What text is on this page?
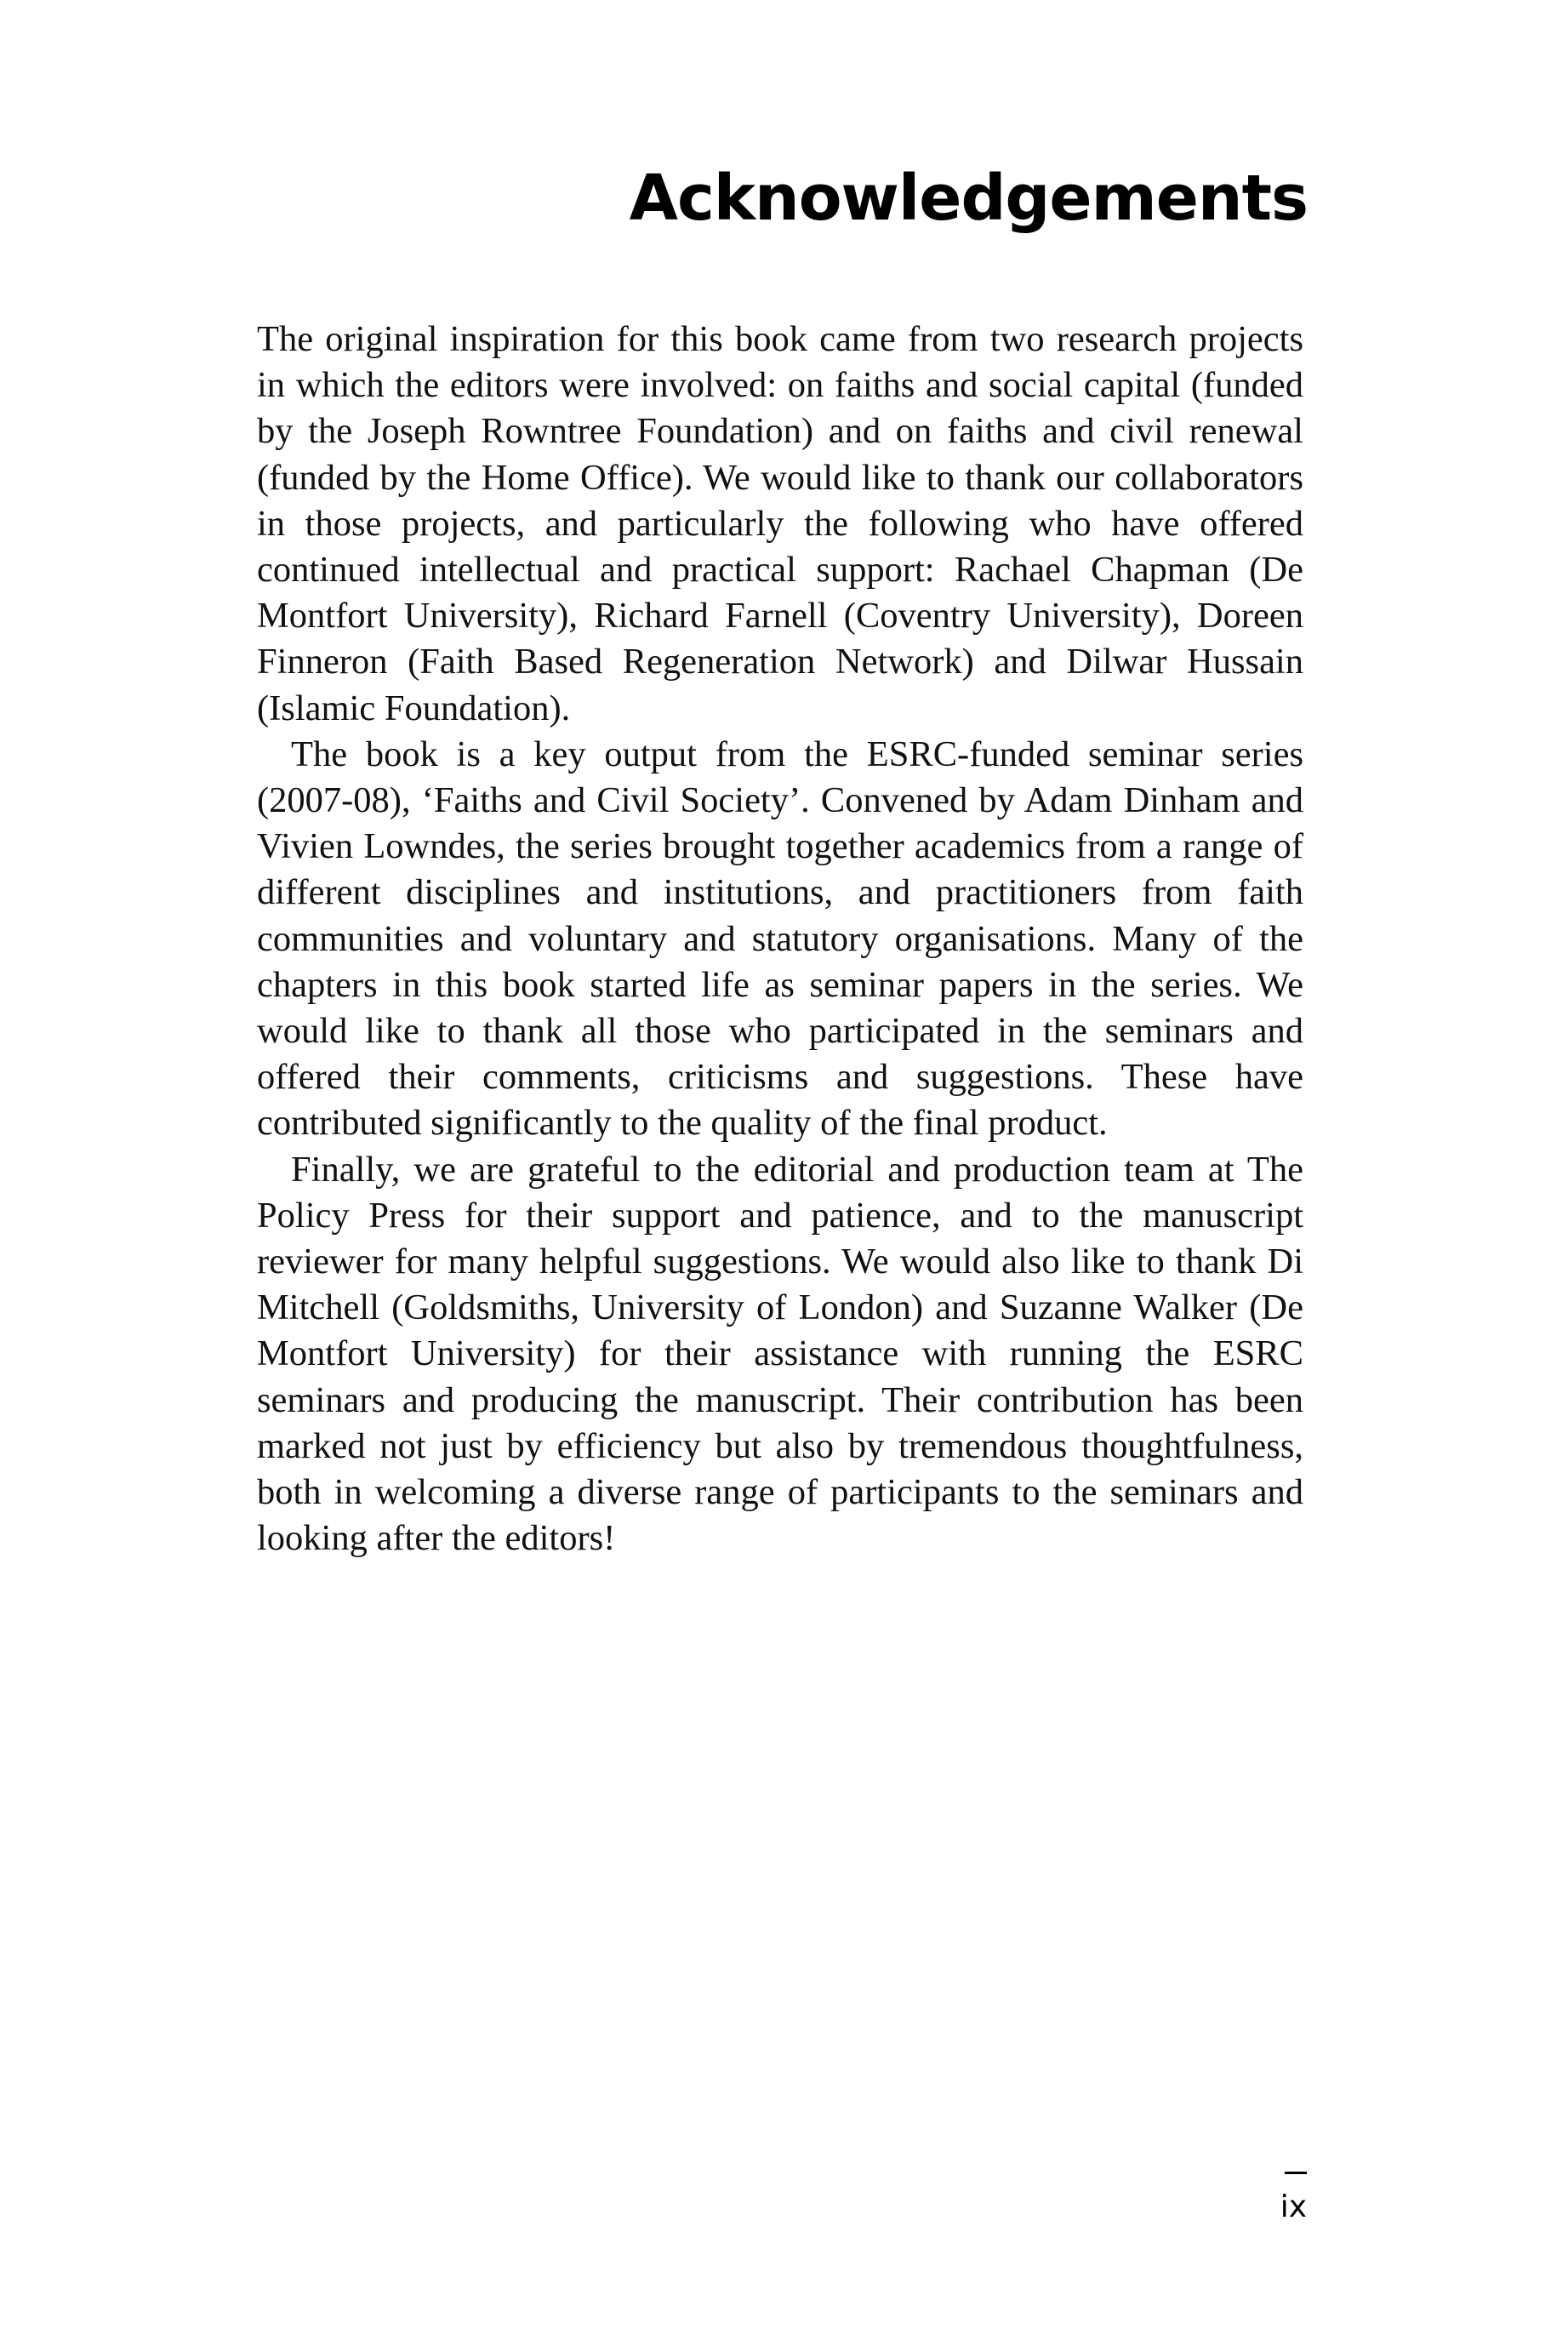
Acknowledgements

The original inspiration for this book came from two research projects in which the editors were involved: on faiths and social capital (funded by the Joseph Rowntree Foundation) and on faiths and civil renewal (funded by the Home Office). We would like to thank our collaborators in those projects, and particularly the following who have offered continued intellectual and practical support: Rachael Chapman (De Montfort University), Richard Farnell (Coventry University), Doreen Finneron (Faith Based Regeneration Network) and Dilwar Hussain (Islamic Foundation).

The book is a key output from the ESRC-funded seminar series (2007-08), ‘Faiths and Civil Society’. Convened by Adam Dinham and Vivien Lowndes, the series brought together academics from a range of different disciplines and institutions, and practitioners from faith communities and voluntary and statutory organisations. Many of the chapters in this book started life as seminar papers in the series. We would like to thank all those who participated in the seminars and offered their comments, criticisms and suggestions. These have contributed significantly to the quality of the final product.

Finally, we are grateful to the editorial and production team at The Policy Press for their support and patience, and to the manuscript reviewer for many helpful suggestions. We would also like to thank Di Mitchell (Goldsmiths, University of London) and Suzanne Walker (De Montfort University) for their assistance with running the ESRC seminars and producing the manuscript. Their contribution has been marked not just by efficiency but also by tremendous thoughtfulness, both in welcoming a diverse range of participants to the seminars and looking after the editors!

ix
